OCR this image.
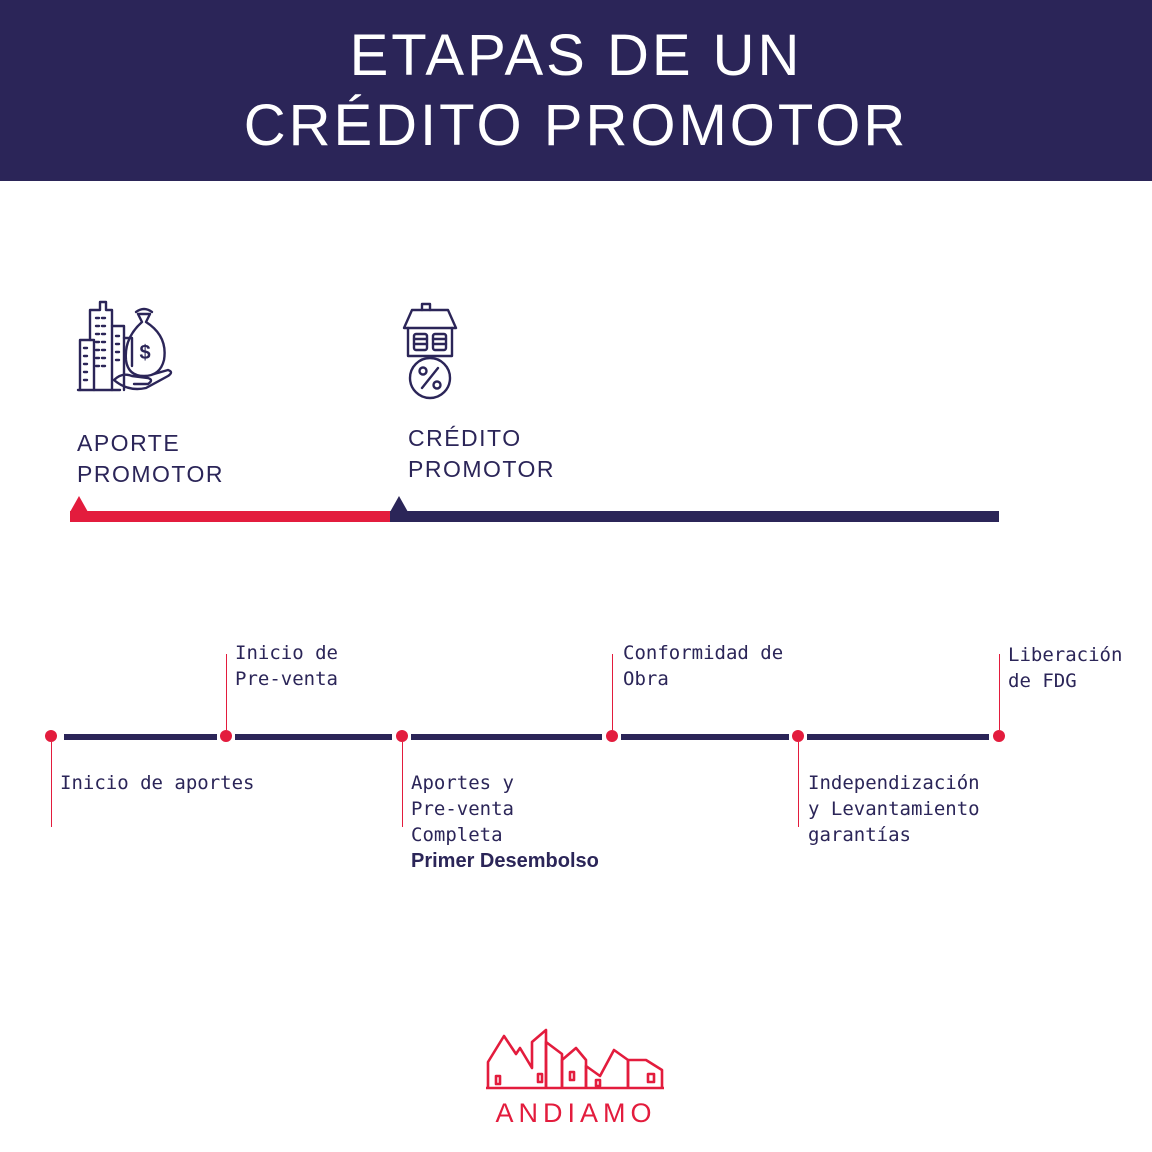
ETAPAS DE UN
CRÉDITO PROMOTOR
$
APORTE
PROMOTOR
CRÉDITO
PROMOTOR
Inicio de aportes
Inicio de
Pre-venta
Aportes y
Pre-venta
Completa
Primer Desembolso
Conformidad de
Obra
Independización
y Levantamiento
garantías
Liberación
de FDG
ANDIAMO
